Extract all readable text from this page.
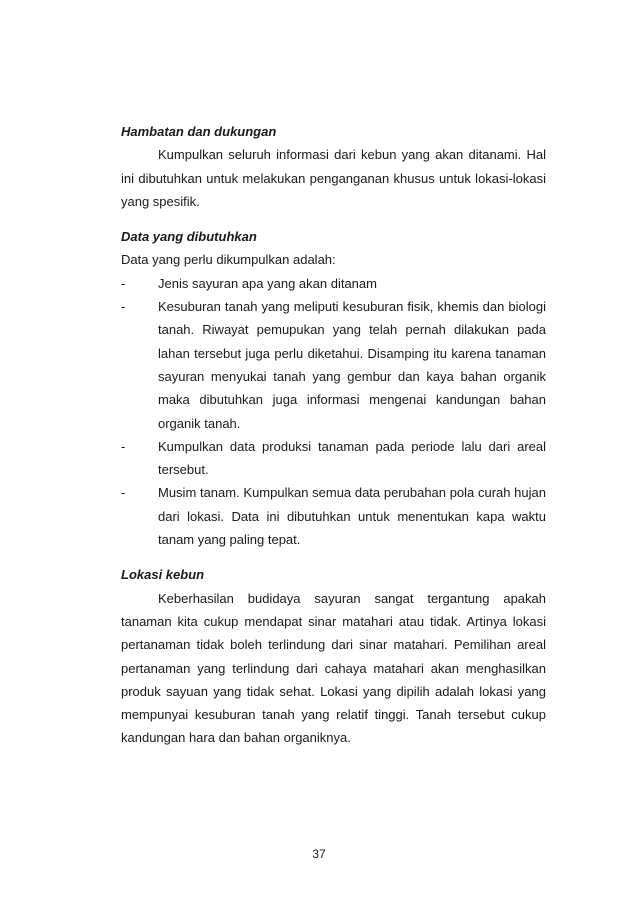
Hambatan dan dukungan

Kumpulkan seluruh informasi dari kebun yang akan ditanami. Hal ini dibutuhkan untuk melakukan penganganan khusus untuk lokasi-lokasi yang spesifik.

Data yang dibutuhkan

Data yang perlu dikumpulkan adalah:

-	Jenis sayuran apa yang akan ditanam
-	Kesuburan tanah yang meliputi kesuburan fisik, khemis dan biologi tanah. Riwayat pemupukan yang telah pernah dilakukan pada lahan tersebut juga perlu diketahui. Disamping itu karena tanaman sayuran menyukai tanah yang gembur dan kaya bahan organik maka dibutuhkan juga informasi mengenai kandungan bahan organik tanah.
-	Kumpulkan data produksi tanaman pada periode lalu dari areal tersebut.
-	Musim tanam. Kumpulkan semua data perubahan pola curah hujan dari lokasi. Data ini dibutuhkan untuk menentukan kapa waktu tanam yang paling tepat.

Lokasi kebun

Keberhasilan budidaya sayuran sangat tergantung apakah tanaman kita cukup mendapat sinar matahari atau tidak. Artinya lokasi pertanaman tidak boleh terlindung dari sinar matahari. Pemilihan areal pertanaman yang terlindung dari cahaya matahari akan menghasilkan produk sayuan yang tidak sehat. Lokasi yang dipilih adalah lokasi yang mempunyai kesuburan tanah yang relatif tinggi. Tanah tersebut cukup kandungan hara dan bahan organiknya.

37
